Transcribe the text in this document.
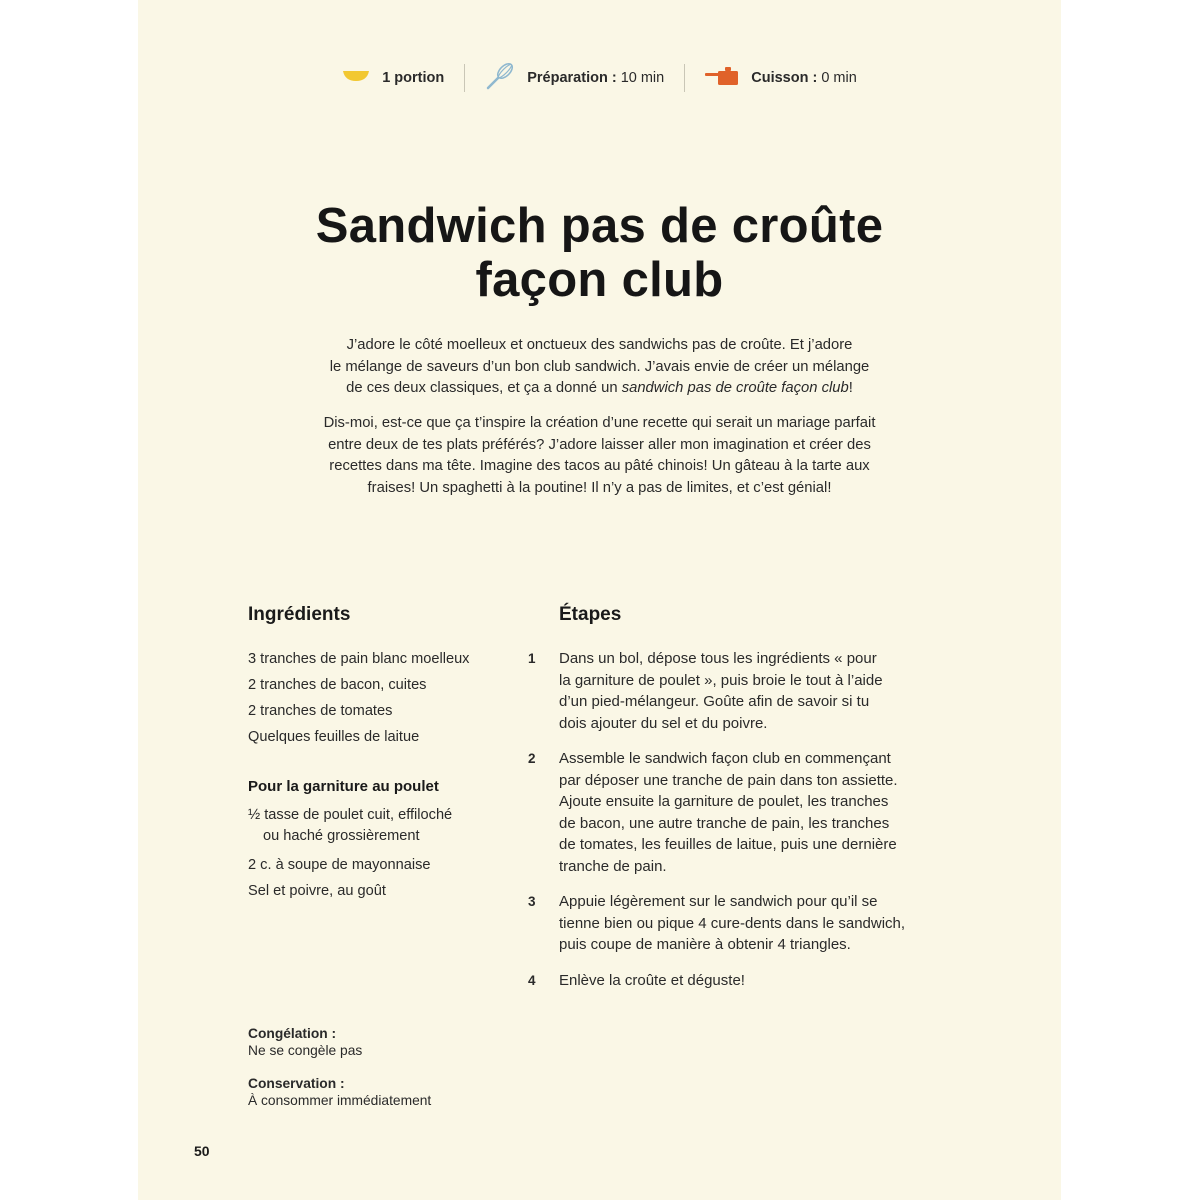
1 portion	Préparation : 10 min	Cuisson : 0 min
Sandwich pas de croûte
façon club

J’adore le côté moelleux et onctueux des sandwichs pas de croûte. Et j’adore
le mélange de saveurs d’un bon club sandwich. J’avais envie de créer un mélange
de ces deux classiques, et ça a donné un sandwich pas de croûte façon club!

Dis-moi, est-ce que ça t’inspire la création d’une recette qui serait un mariage parfait
entre deux de tes plats préférés? J’adore laisser aller mon imagination et créer des
recettes dans ma tête. Imagine des tacos au pâté chinois! Un gâteau à la tarte aux
fraises! Un spaghetti à la poutine! Il n’y a pas de limites, et c’est génial!

Ingrédients
3 tranches de pain blanc moelleux
2 tranches de bacon, cuites
2 tranches de tomates
Quelques feuilles de laitue
Pour la garniture au poulet
½ tasse de poulet cuit, effiloché
ou haché grossièrement
2 c. à soupe de mayonnaise
Sel et poivre, au goût
Étapes
1 Dans un bol, dépose tous les ingrédients « pour
la garniture de poulet », puis broie le tout à l’aide
d’un pied-mélangeur. Goûte afin de savoir si tu
dois ajouter du sel et du poivre.
2 Assemble le sandwich façon club en commençant
par déposer une tranche de pain dans ton assiette.
Ajoute ensuite la garniture de poulet, les tranches
de bacon, une autre tranche de pain, les tranches
de tomates, les feuilles de laitue, puis une dernière
tranche de pain.
3 Appuie légèrement sur le sandwich pour qu’il se
tienne bien ou pique 4 cure-dents dans le sandwich,
puis coupe de manière à obtenir 4 triangles.
4 Enlève la croûte et déguste!
Congélation :
Ne se congèle pas
Conservation :
À consommer immédiatement
50
